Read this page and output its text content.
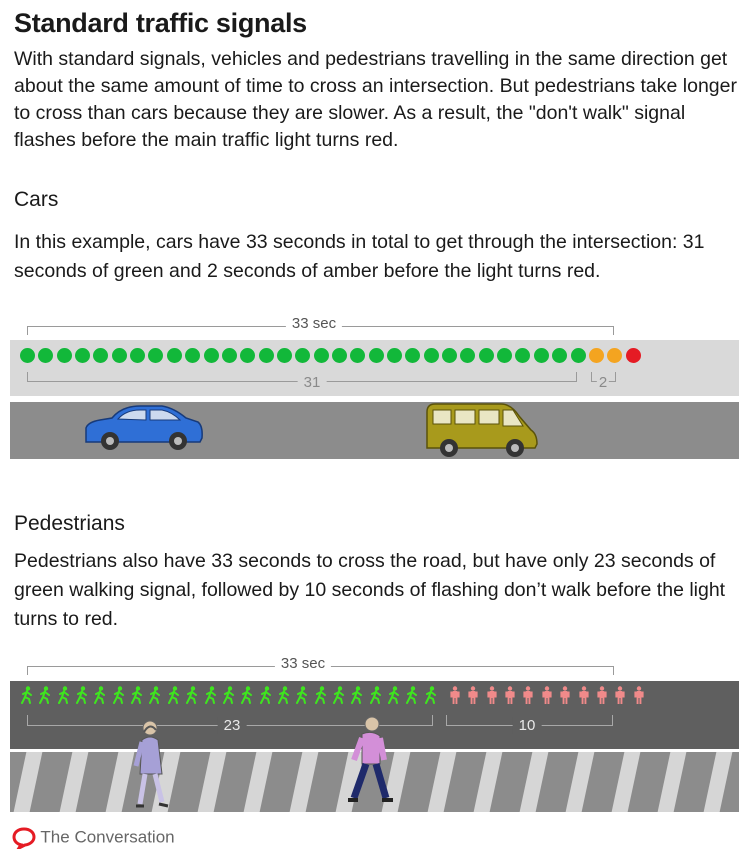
Standard traffic signals
With standard signals, vehicles and pedestrians travelling in the same direction get about the same amount of time to cross an intersection. But pedestrians take longer to cross than cars because they are slower. As a result, the "don't walk" signal flashes before the main traffic light turns red.
Cars
In this example, cars have 33 seconds in total to get through the intersection: 31 seconds of green and 2 seconds of amber before the light turns red.
33 sec
31	2
Pedestrians
Pedestrians also have 33 seconds to cross the road, but have only 23 seconds of green walking signal, followed by 10 seconds of flashing don’t walk before the light turns to red.
33 sec
23	10
The Conversation
